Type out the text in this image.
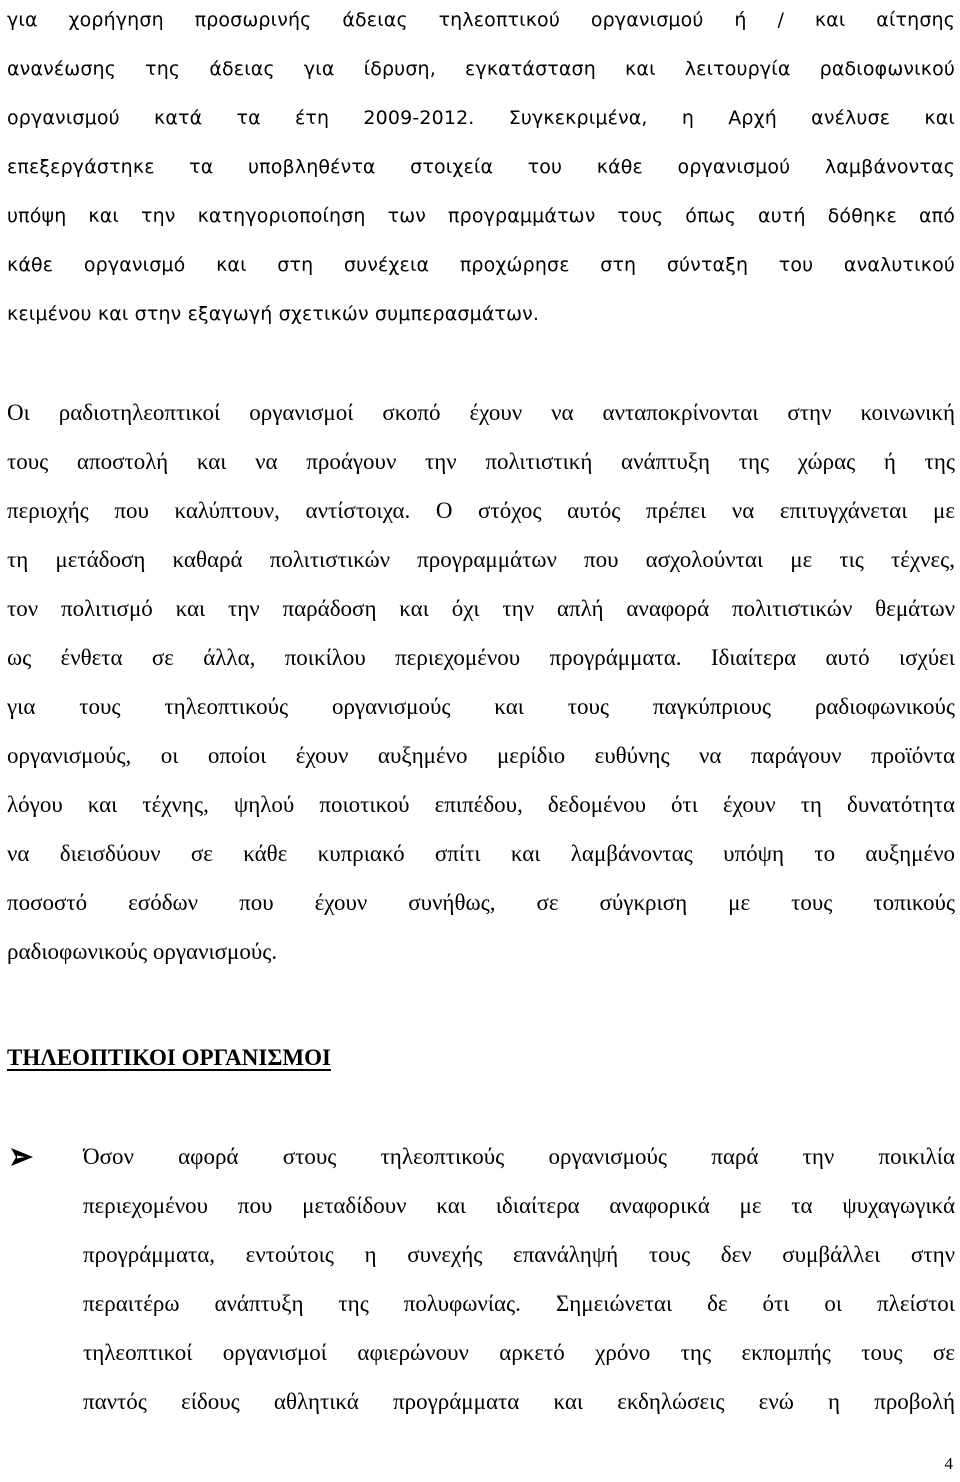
για χορήγηση προσωρινής άδειας τηλεοπτικού οργανισμού ή / και αίτησης
ανανέωσης της άδειας για ίδρυση, εγκατάσταση και λειτουργία ραδιοφωνικού
οργανισμού κατά τα έτη 2009-2012. Συγκεκριμένα, η Αρχή ανέλυσε και
επεξεργάστηκε τα υποβληθέντα στοιχεία του κάθε οργανισμού λαμβάνοντας
υπόψη και την κατηγοριοποίηση των προγραμμάτων τους όπως αυτή δόθηκε από
κάθε οργανισμό και στη συνέχεια προχώρησε στη σύνταξη του αναλυτικού
κειμένου και στην εξαγωγή σχετικών συμπερασμάτων.
Οι ραδιοτηλεοπτικοί οργανισμοί σκοπό έχουν να ανταποκρίνονται στην κοινωνική
τους αποστολή και να προάγουν την πολιτιστική ανάπτυξη της χώρας ή της
περιοχής που καλύπτουν, αντίστοιχα. Ο στόχος αυτός πρέπει να επιτυγχάνεται με
τη μετάδοση καθαρά πολιτιστικών προγραμμάτων που ασχολούνται με τις τέχνες,
τον πολιτισμό και την παράδοση και όχι την απλή αναφορά πολιτιστικών θεμάτων
ως ένθετα σε άλλα, ποικίλου περιεχομένου προγράμματα. Ιδιαίτερα αυτό ισχύει
για τους τηλεοπτικούς οργανισμούς και τους παγκύπριους ραδιοφωνικούς
οργανισμούς, οι οποίοι έχουν αυξημένο μερίδιο ευθύνης να παράγουν προϊόντα
λόγου και τέχνης, ψηλού ποιοτικού επιπέδου, δεδομένου ότι έχουν τη δυνατότητα
να διεισδύουν σε κάθε κυπριακό σπίτι και λαμβάνοντας υπόψη το αυξημένο
ποσοστό εσόδων που έχουν συνήθως, σε σύγκριση με τους τοπικούς
ραδιοφωνικούς οργανισμούς.
ΤΗΛΕΟΠΤΙΚΟΙ ΟΡΓΑΝΙΣΜΟΙ
Όσον αφορά στους τηλεοπτικούς οργανισμούς παρά την ποικιλία
περιεχομένου που μεταδίδουν και ιδιαίτερα αναφορικά με τα ψυχαγωγικά
προγράμματα, εντούτοις η συνεχής επανάληψή τους δεν συμβάλλει στην
περαιτέρω ανάπτυξη της πολυφωνίας. Σημειώνεται δε ότι οι πλείστοι
τηλεοπτικοί οργανισμοί αφιερώνουν αρκετό χρόνο της εκπομπής τους σε
παντός είδους αθλητικά προγράμματα και εκδηλώσεις ενώ η προβολή
4
